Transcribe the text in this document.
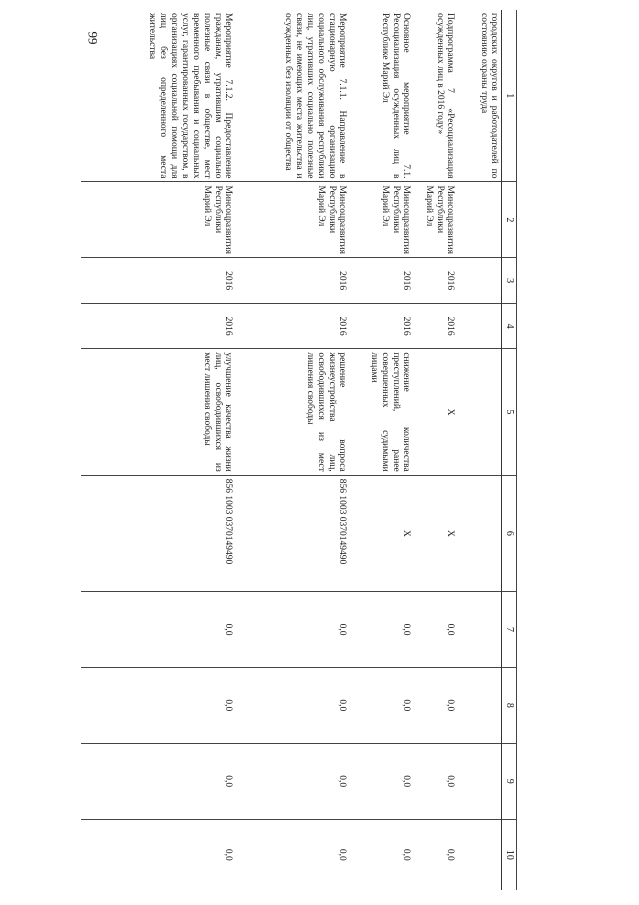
99
1	2	3	4	5	6	7	8	9	10
городских округов и работодателей по состоянию охраны труда									
Подпрограмма 7 «Ресоциализация осужденных лиц в 2016 году»	Минсоцразвития Республики Марий Эл	2016	2016	X	X	0,0	0,0	0,0	0,0
Основное мероприятие 7.1. Ресоциализация осужденных лиц в Республике Марий Эл	Минсоцразвития Республики Марий Эл	2016	2016	снижение количества преступлений, ранее совершенных судимыми лицами	X	0,0	0,0	0,0	0,0
Мероприятие 7.1.1. Направление в стационарную организацию социального обслуживания республики лиц, утративших социально полезные связи, не имеющих места жительства и осужденных без изоляции от общества	Минсоцразвития Республики Марий Эл	2016	2016	решение вопроса жизнеустройства лиц, освободившихся из мест лишения свободы	856 1003 0370149490	0,0	0,0	0,0	0,0
Мероприятие 7.1.2. Предоставление гражданам, утратившим социально полезные связи в обществе, мест временного пребывания и социальных услуг, гарантированных государством, в организациях социальной помощи для лиц без определенного места жительства	Минсоцразвития Республики Марий Эл	2016	2016	улучшение качества жизни лиц, освободившихся из мест лишения свободы	856 1003 0370149490	0,0	0,0	0,0	0,0
